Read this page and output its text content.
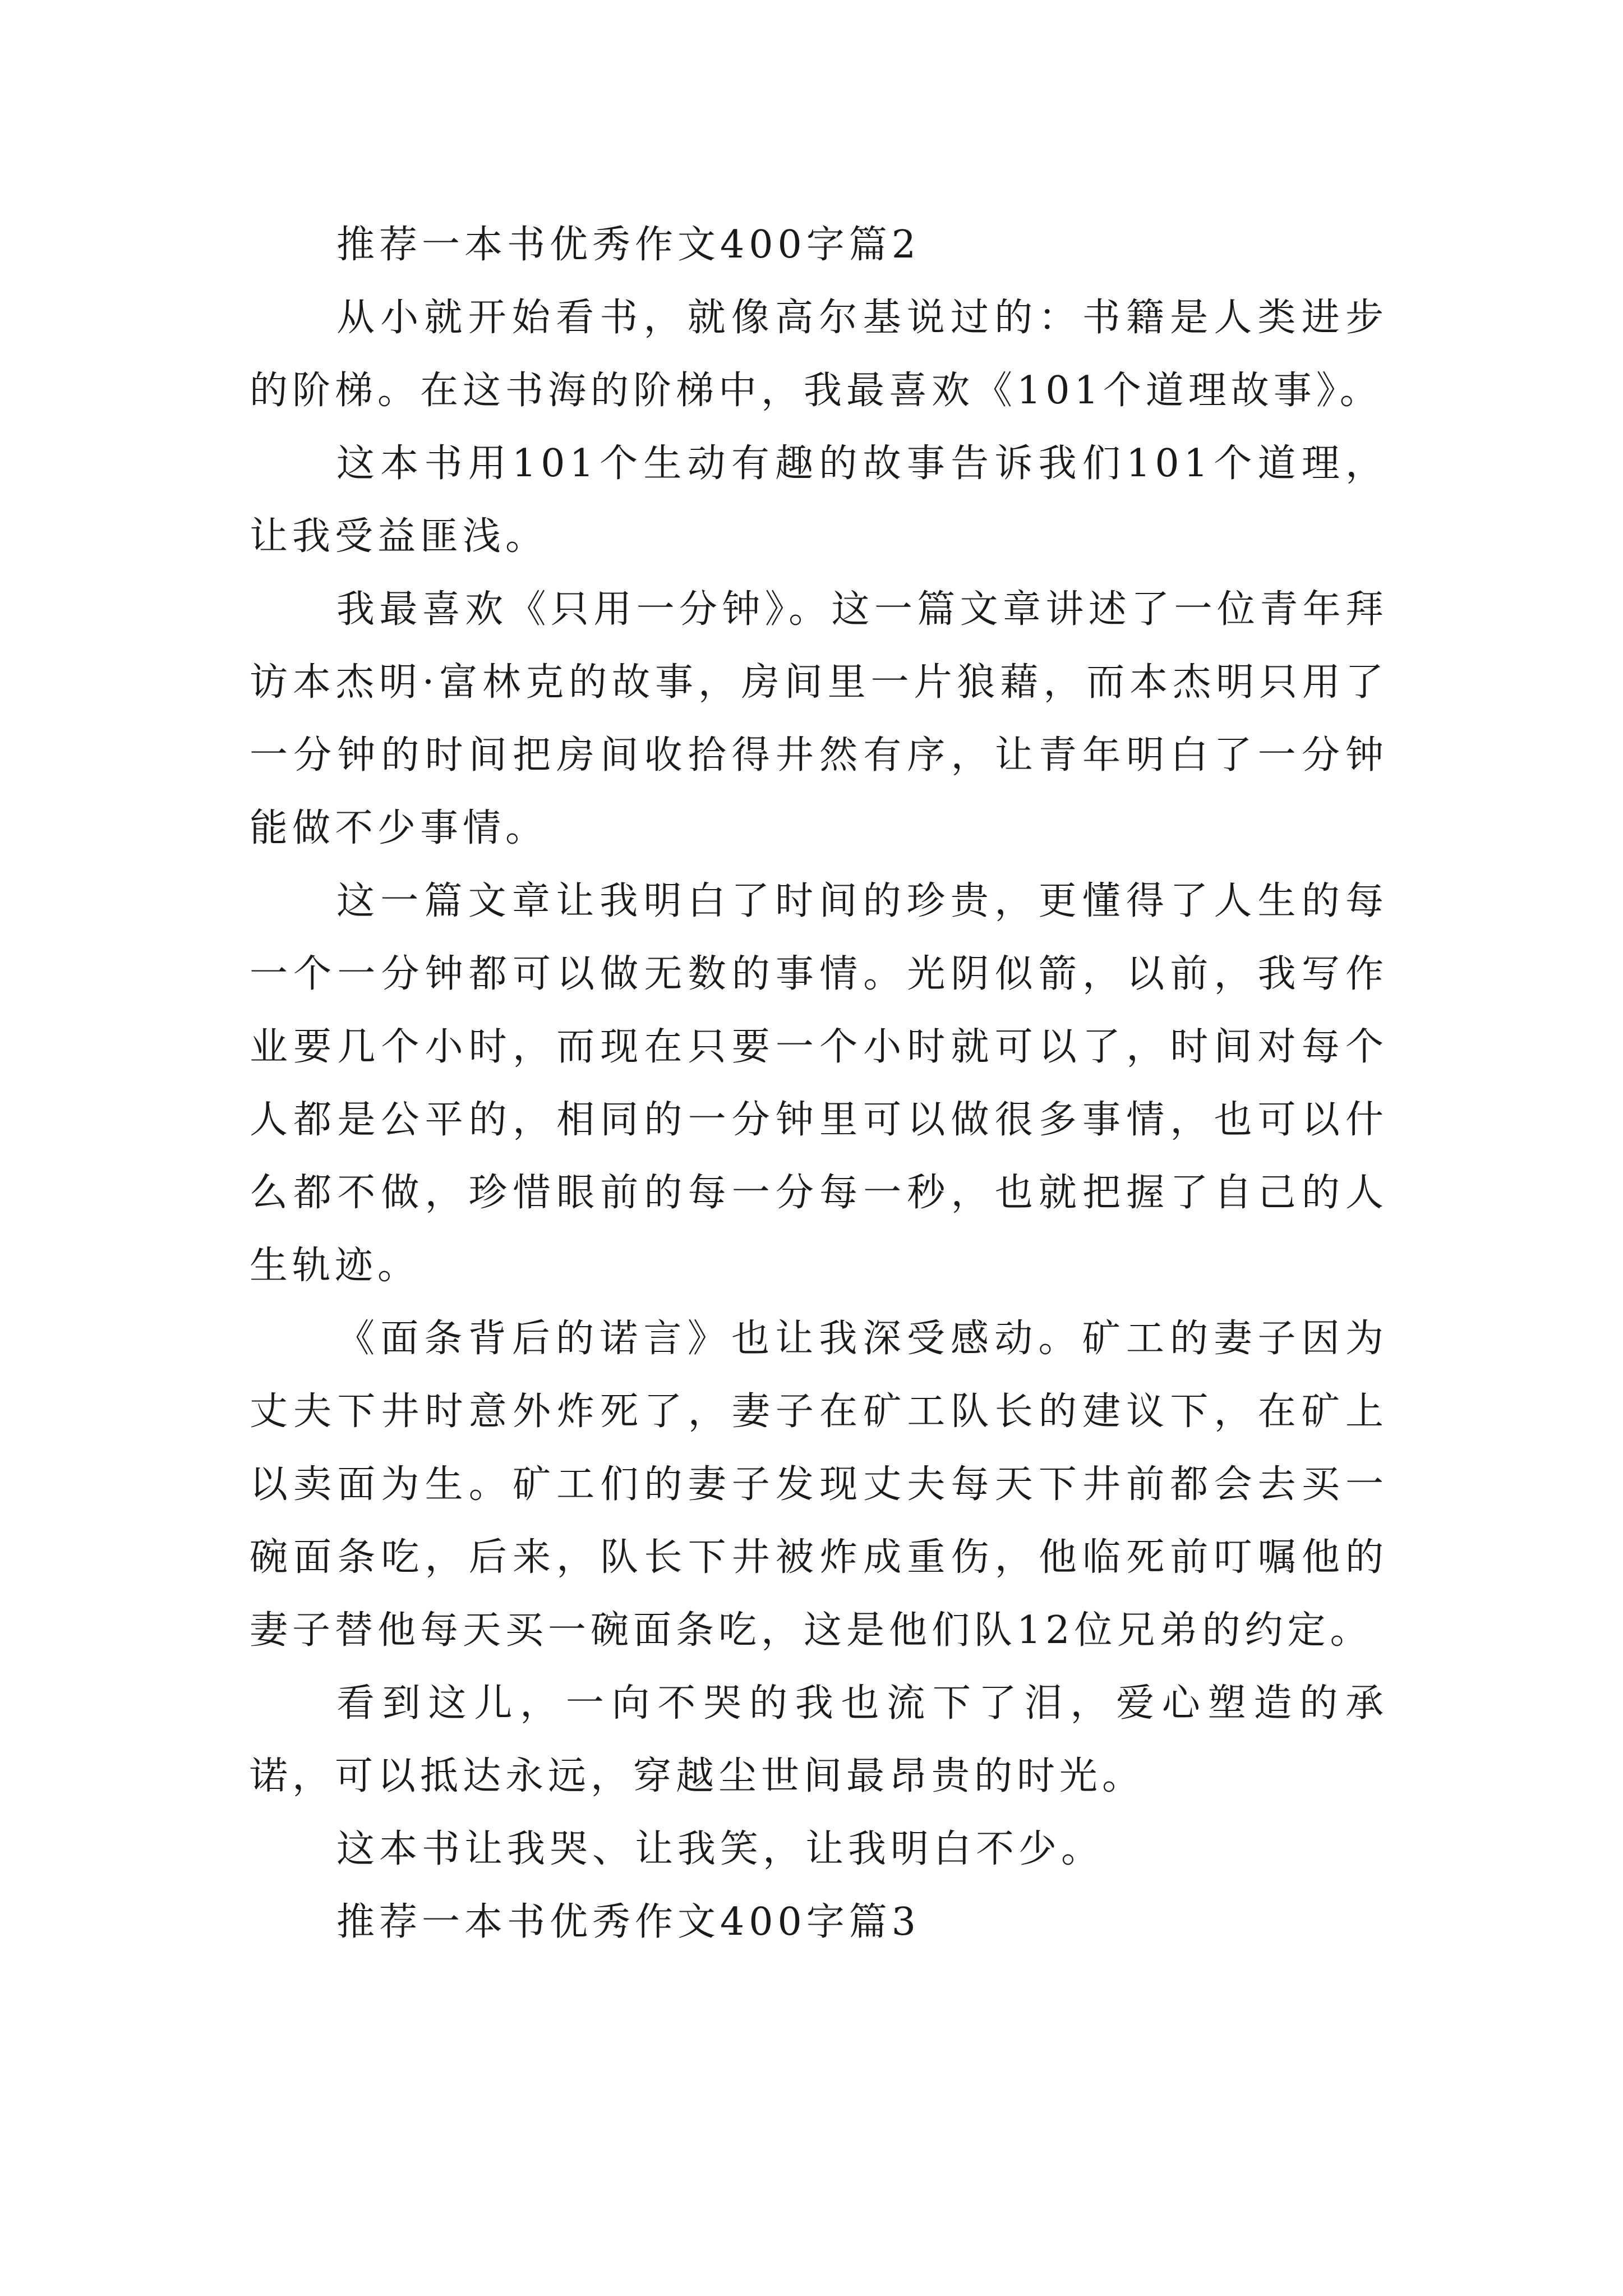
推荐一本书优秀作文400字篇2

从小就开始看书，就像高尔基说过的：书籍是人类进步的阶梯。在这书海的阶梯中，我最喜欢《101个道理故事》。

这本书用101个生动有趣的故事告诉我们101个道理，让我受益匪浅。

我最喜欢《只用一分钟》。这一篇文章讲述了一位青年拜访本杰明·富林克的故事，房间里一片狼藉，而本杰明只用了一分钟的时间把房间收拾得井然有序，让青年明白了一分钟能做不少事情。

这一篇文章让我明白了时间的珍贵，更懂得了人生的每一个一分钟都可以做无数的事情。光阴似箭，以前，我写作业要几个小时，而现在只要一个小时就可以了，时间对每个人都是公平的，相同的一分钟里可以做很多事情，也可以什么都不做，珍惜眼前的每一分每一秒，也就把握了自己的人生轨迹。

《面条背后的诺言》也让我深受感动。矿工的妻子因为丈夫下井时意外炸死了，妻子在矿工队长的建议下，在矿上以卖面为生。矿工们的妻子发现丈夫每天下井前都会去买一碗面条吃，后来，队长下井被炸成重伤，他临死前叮嘱他的妻子替他每天买一碗面条吃，这是他们队12位兄弟的约定。

看到这儿，一向不哭的我也流下了泪，爱心塑造的承诺，可以抵达永远，穿越尘世间最昂贵的时光。

这本书让我哭、让我笑，让我明白不少。

推荐一本书优秀作文400字篇3
